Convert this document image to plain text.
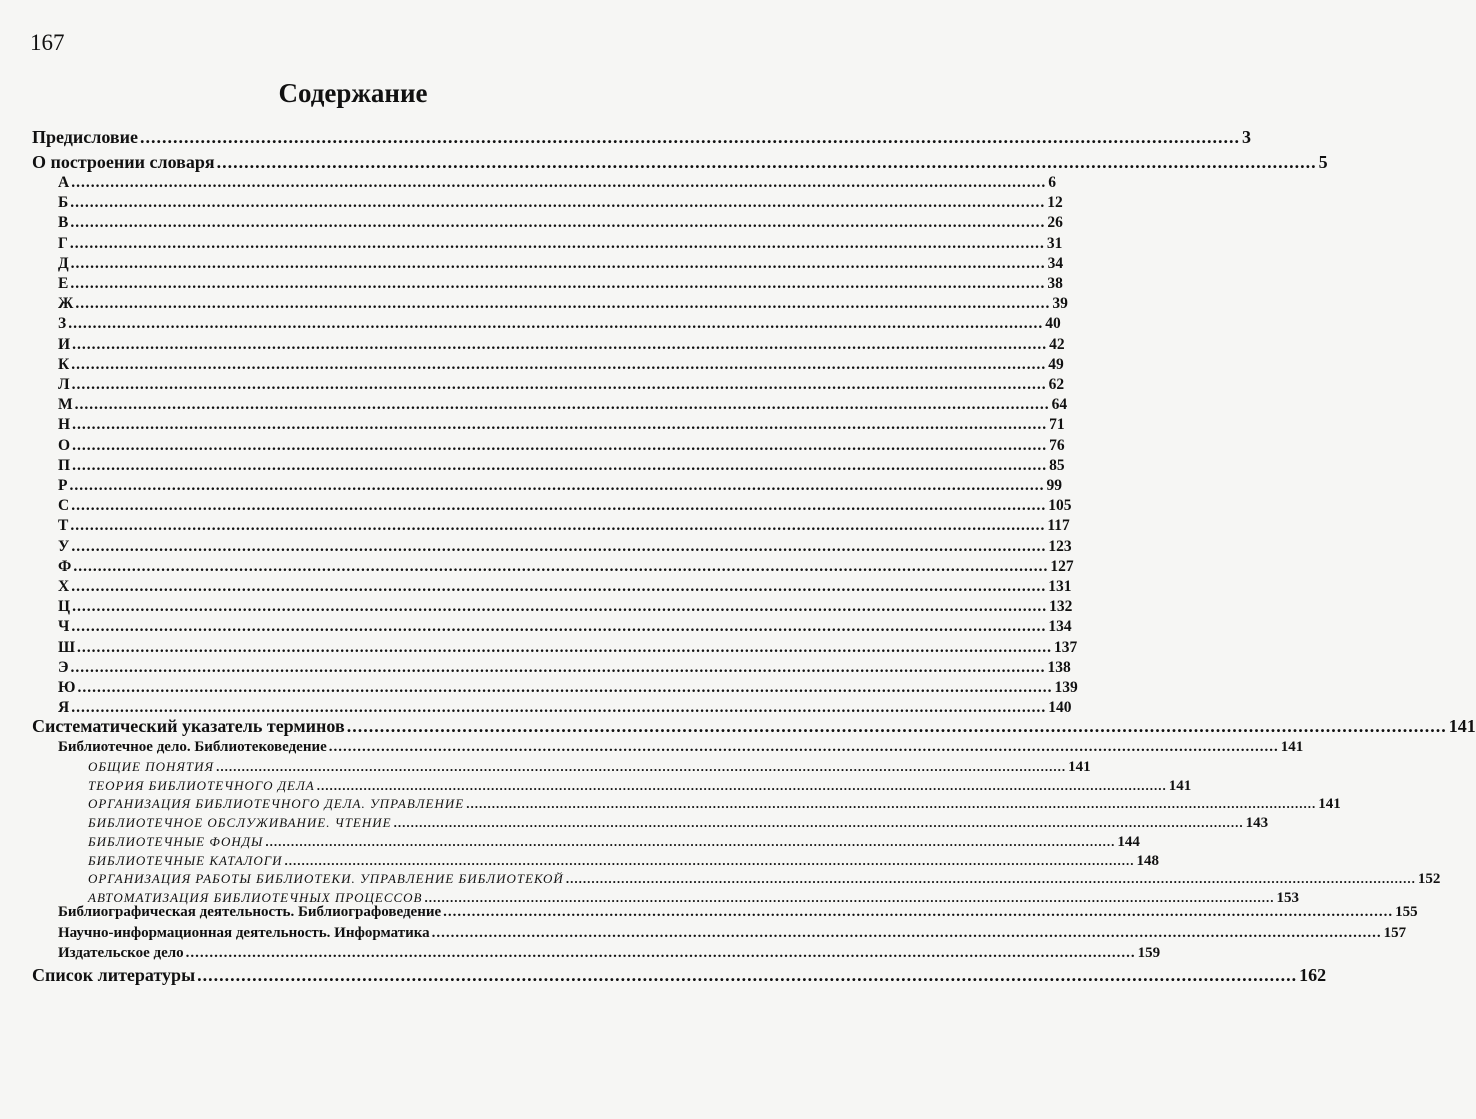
167
Содержание
Предисловие ........................................................................................................................................................................................................ 3
О построении словаря ........................................................................................................................................................................................................ 5
А ........................................................................................................................................................................................................ 6
Б ........................................................................................................................................................................................................ 12
В ........................................................................................................................................................................................................ 26
Г ........................................................................................................................................................................................................ 31
Д ........................................................................................................................................................................................................ 34
Е ........................................................................................................................................................................................................ 38
Ж ........................................................................................................................................................................................................ 39
З ........................................................................................................................................................................................................ 40
И ........................................................................................................................................................................................................ 42
К ........................................................................................................................................................................................................ 49
Л ........................................................................................................................................................................................................ 62
М ........................................................................................................................................................................................................ 64
Н ........................................................................................................................................................................................................ 71
О ........................................................................................................................................................................................................ 76
П ........................................................................................................................................................................................................ 85
Р ........................................................................................................................................................................................................ 99
С ........................................................................................................................................................................................................ 105
Т ........................................................................................................................................................................................................ 117
У ........................................................................................................................................................................................................ 123
Ф ........................................................................................................................................................................................................ 127
Х ........................................................................................................................................................................................................ 131
Ц ........................................................................................................................................................................................................ 132
Ч ........................................................................................................................................................................................................ 134
Ш ........................................................................................................................................................................................................ 137
Э ........................................................................................................................................................................................................ 138
Ю ........................................................................................................................................................................................................ 139
Я ........................................................................................................................................................................................................ 140
Систематический указатель терминов ........................................................................................................................................................................................................ 141
Библиотечное дело. Библиотековедение ........................................................................................................................................................................................................ 141
ОБЩИЕ ПОНЯТИЯ ........................................................................................................................................................................................................ 141
ТЕОРИЯ БИБЛИОТЕЧНОГО ДЕЛА ........................................................................................................................................................................................................ 141
ОРГАНИЗАЦИЯ БИБЛИОТЕЧНОГО ДЕЛА. УПРАВЛЕНИЕ ........................................................................................................................................................................................................ 141
БИБЛИОТЕЧНОЕ ОБСЛУЖИВАНИЕ. ЧТЕНИЕ ........................................................................................................................................................................................................ 143
БИБЛИОТЕЧНЫЕ ФОНДЫ ........................................................................................................................................................................................................ 144
БИБЛИОТЕЧНЫЕ КАТАЛОГИ ........................................................................................................................................................................................................ 148
ОРГАНИЗАЦИЯ РАБОТЫ БИБЛИОТЕКИ. УПРАВЛЕНИЕ БИБЛИОТЕКОЙ ........................................................................................................................................................................................................ 152
АВТОМАТИЗАЦИЯ БИБЛИОТЕЧНЫХ ПРОЦЕССОВ ........................................................................................................................................................................................................ 153
Библиографическая деятельность. Библиографоведение ........................................................................................................................................................................................................ 155
Научно-информационная деятельность. Информатика ........................................................................................................................................................................................................ 157
Издательское дело ........................................................................................................................................................................................................ 159
Список литературы ........................................................................................................................................................................................................ 162
